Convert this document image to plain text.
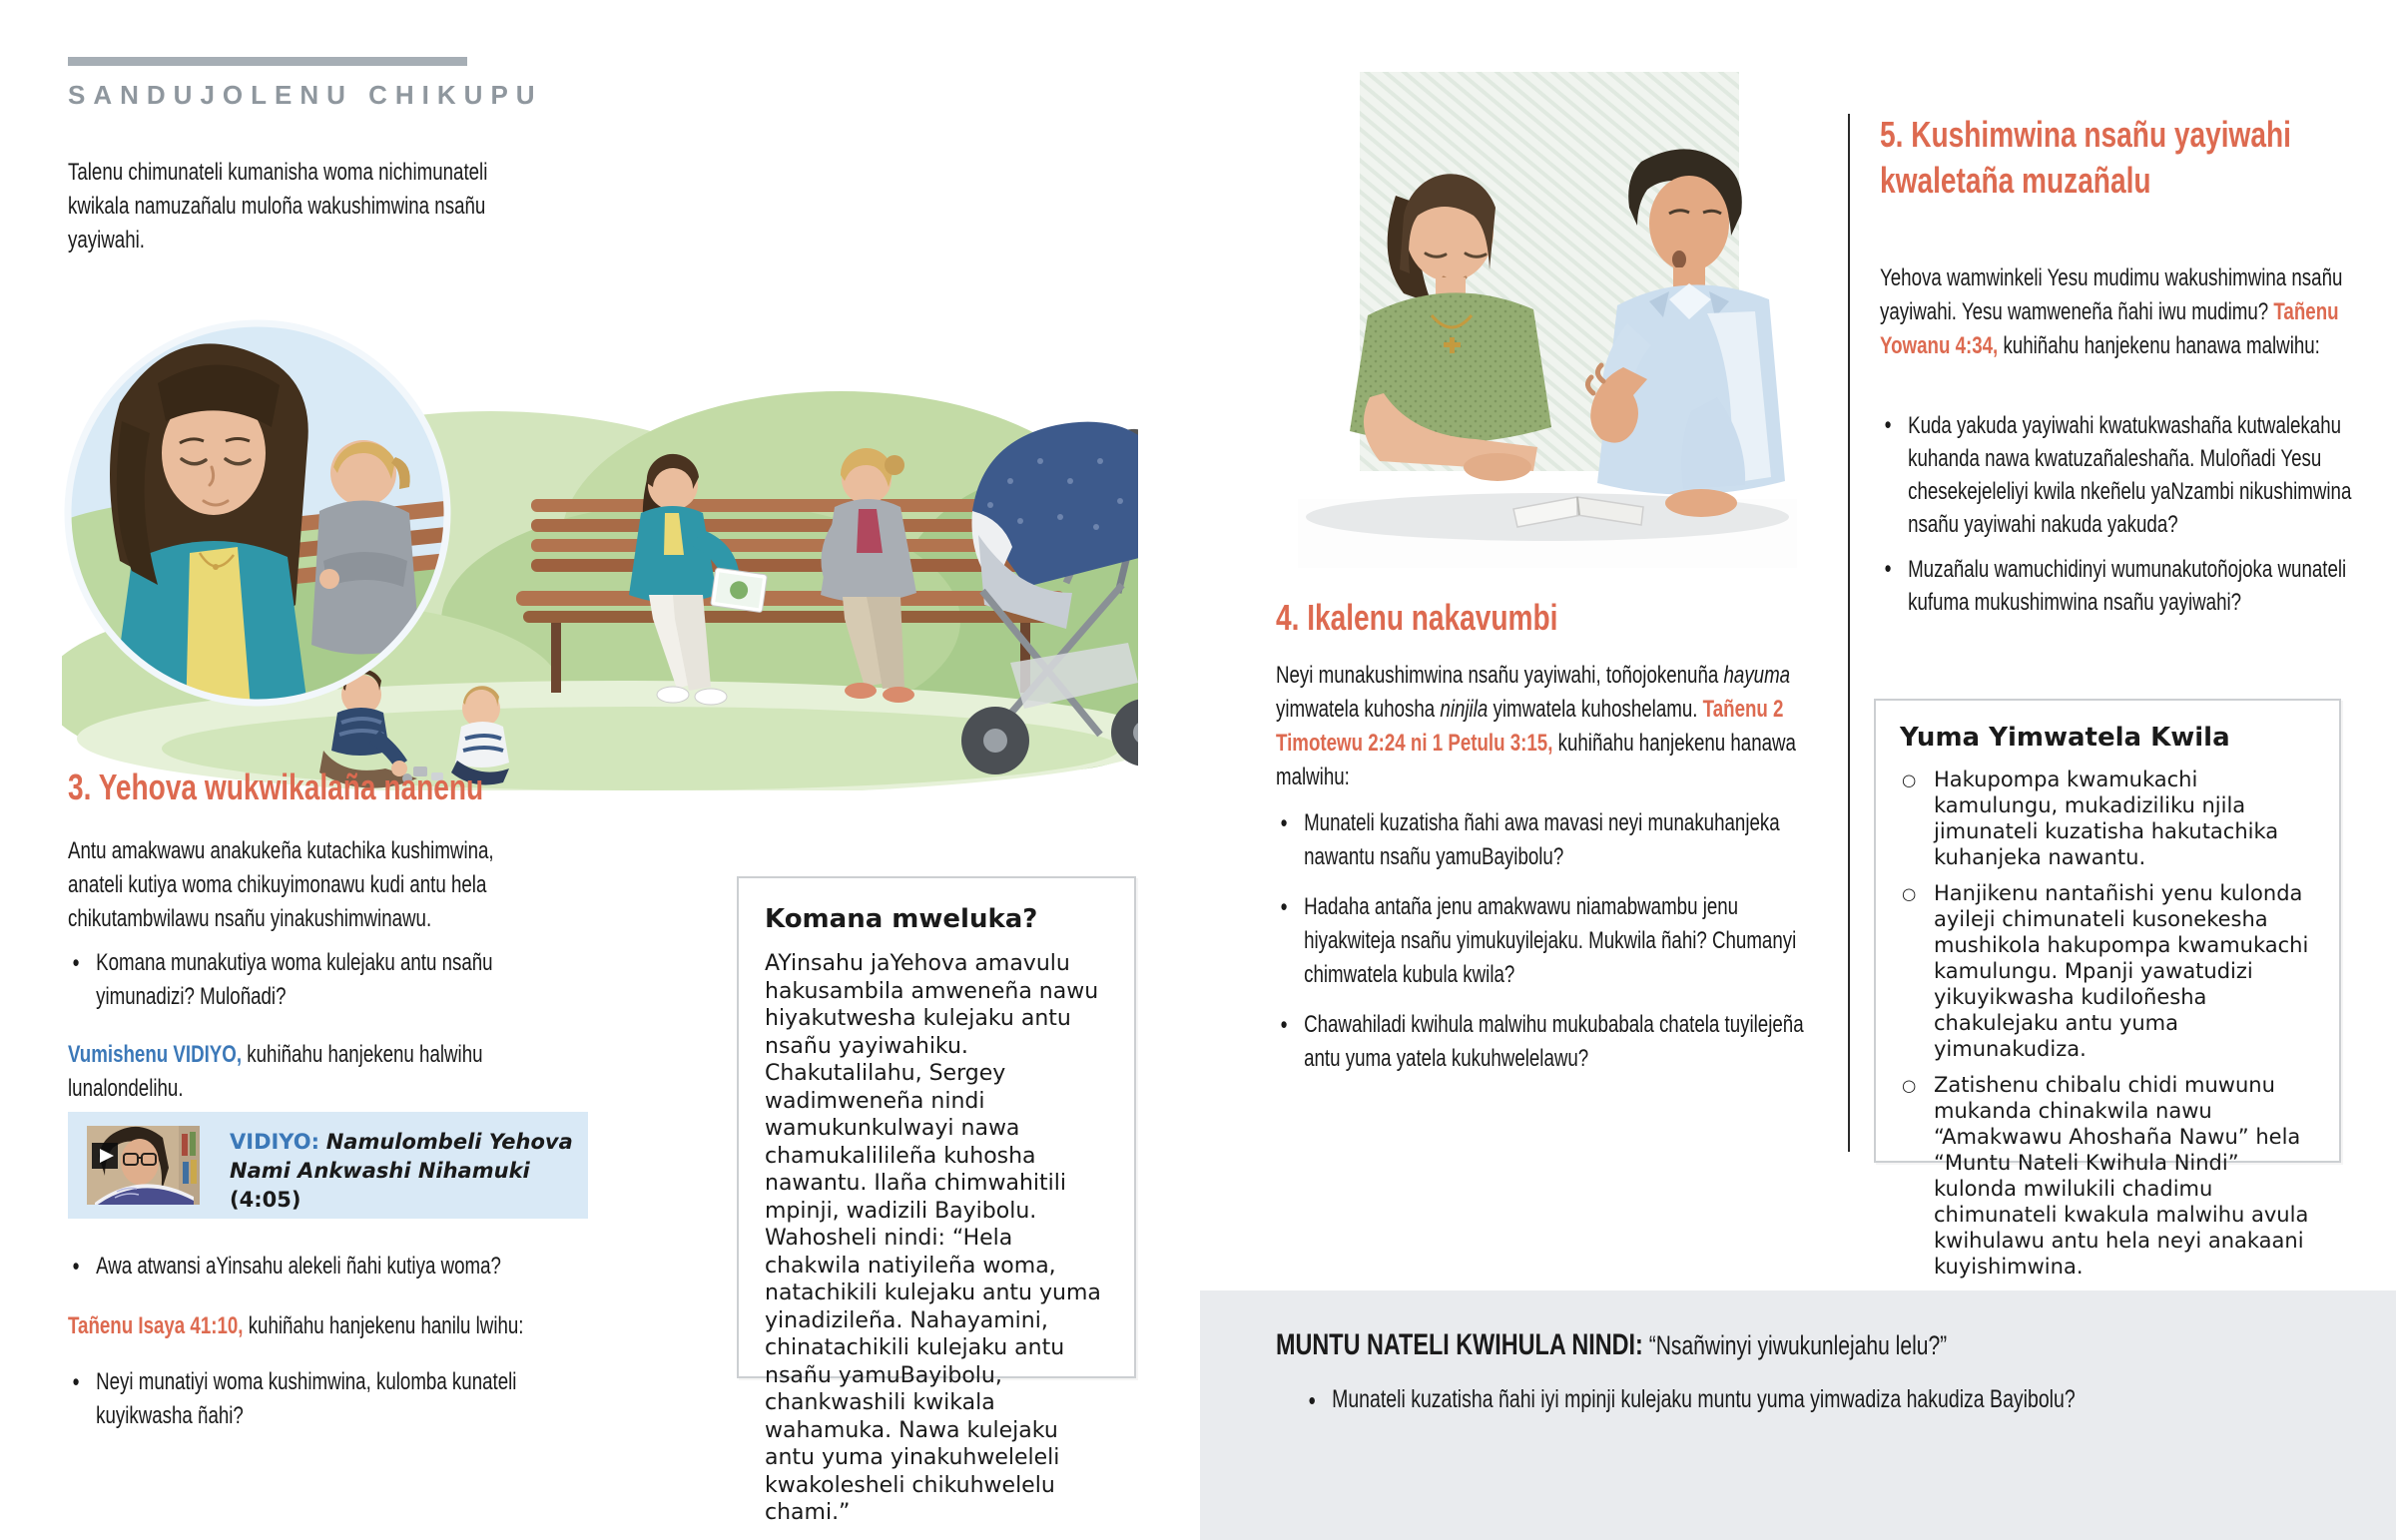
SANDUJOLENU CHIKUPU
Talenu chimunateli kumanisha woma nichimunateli kwikala namuzañalu muloña wakushimwina nsañu yayiwahi.
3. Yehova wukwikalaña nanenu
Antu amakwawu anakukeña kutachika kushimwina, anateli kutiya woma chikuyimonawu kudi antu hela chikutambwilawu nsañu yinakushimwinawu.
• Komana munakutiya woma kulejaku antu nsañu yimunadizi? Muloñadi?
Vumishenu VIDIYO, kuhiñahu hanjekenu halwihu lunalondelihu.
VIDIYO: Namulombeli Yehova Nami Ankwashi Nihamuki (4:05)
• Awa atwansi aYinsahu alekeli ñahi kutiya woma?
Tañenu Isaya 41:10, kuhiñahu hanjekenu hanilu lwihu:
• Neyi munatiyi woma kushimwina, kulomba kunateli kuyikwasha ñahi?
Komana mweluka?

AYinsahu jaYehova amavulu hakusambila amweneña nawu hiyakutwesha kulejaku antu nsañu yayiwahiku. Chakutalilahu, Sergey wadimweneña nindi wamukunkulwayi nawa chamukalilileña kuhosha nawantu. Ilaña chimwahitili mpinji, wadizili Bayibolu. Wahosheli nindi: “Hela chakwila natiyileña woma, natachikili kulejaku antu yuma yinadizileña. Nahayamini, chinatachikili kulejaku antu nsañu yamuBayibolu, chankwashili kwikala wahamuka. Nawa kulejaku antu yuma yinakuhweleleli kwakolesheli chikuhwelelu chami.”

4. Ikalenu nakavumbi
Neyi munakushimwina nsañu yayiwahi, toñojokenuña hayuma yimwatela kuhosha ninjila yimwatela kuhoshelamu. Tañenu 2 Timotewu 2:24 ni 1 Petulu 3:15, kuhiñahu hanjekenu hanawa malwihu:
• Munateli kuzatisha ñahi awa mavasi neyi munakuhanjeka nawantu nsañu yamuBayibolu?
• Hadaha antaña jenu amakwawu niamabwambu jenu hiyakwiteja nsañu yimukuyilejaku. Mukwila ñahi? Chumanyi chimwatela kubula kwila?
• Chawahiladi kwihula malwihu mukubabala chatela tuyilejeña antu yuma yatela kukuhwelelawu?
5. Kushimwina nsañu yayiwahi kwaletaña muzañalu
Yehova wamwinkeli Yesu mudimu wakushimwina nsañu yayiwahi. Yesu wamweneña ñahi iwu mudimu? Tañenu Yowanu 4:34, kuhiñahu hanjekenu hanawa malwihu:
• Kuda yakuda yayiwahi kwatukwashaña kutwalekahu kuhanda nawa kwatuzañaleshaña. Muloñadi Yesu chesekejeleliyi kwila nkeñelu yaNzambi nikushimwina nsañu yayiwahi nakuda yakuda?
• Muzañalu wamuchidinyi wumunakutoñojoka wunateli kufuma mukushimwina nsañu yayiwahi?
Yuma Yimwatela Kwila
○ Hakupompa kwamukachi kamulungu, mukadiziliku njila jimunateli kuzatisha hakutachika kuhanjeka nawantu.
○ Hanjikenu nantañishi yenu kulonda ayileji chimunateli kusonekesha mushikola hakupompa kwamukachi kamulungu. Mpanji yawatudizi yikuyikwasha kudiloñesha chakulejaku antu yuma yimunakudiza.
○ Zatishenu chibalu chidi muwunu mukanda chinakwila nawu “Amakwawu Ahoshaña Nawu” hela “Muntu Nateli Kwihula Nindi” kulonda mwilukili chadimu chimunateli kwakula malwihu avula kwihulawu antu hela neyi anakaani kuyishimwina.
MUNTU NATELI KWIHULA NINDI: “Nsañwinyi yiwukunlejahu lelu?”
• Munateli kuzatisha ñahi iyi mpinji kulejaku muntu yuma yimwadiza hakudiza Bayibolu?
